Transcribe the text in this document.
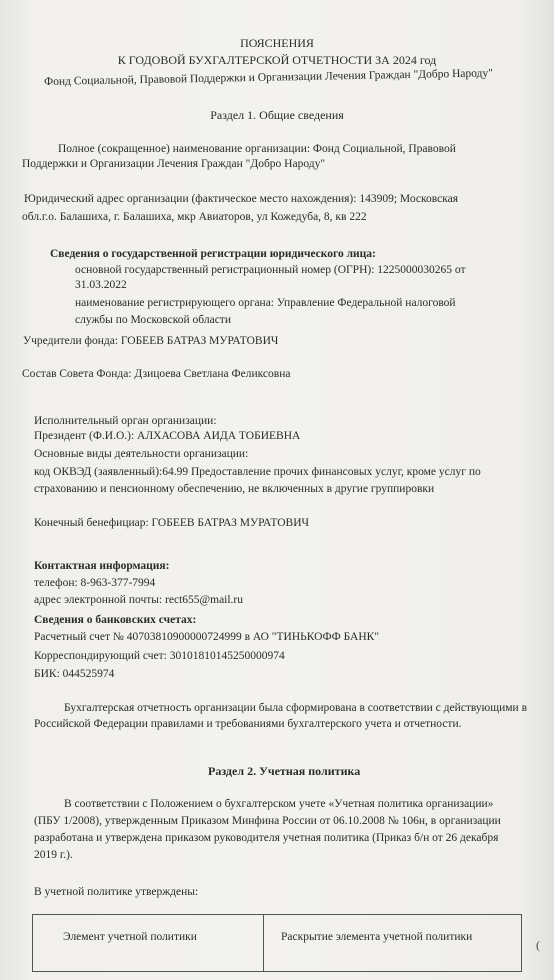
ПОЯСНЕНИЯ
К ГОДОВОЙ БУХГАЛТЕРСКОЙ ОТЧЕТНОСТИ ЗА 2024 год
Фонд Социальной, Правовой Поддержки и Организации Лечения Граждан "Добро Народу"
Раздел 1. Общие сведения
Полное (сокращенное) наименование организации: Фонд Социальной, Правовой
Поддержки и Организации Лечения Граждан "Добро Народу"
Юридический адрес организации (фактическое место нахождения): 143909; Московская
обл.г.о. Балашиха, г. Балашиха, мкр Авиаторов, ул Кожедуба, 8, кв 222
Сведения о государственной регистрации юридического лица:
основной государственный регистрационный номер (ОГРН): 1225000030265 от
31.03.2022
наименование регистрирующего органа: Управление Федеральной налоговой
службы по Московской области
Учредители фонда: ГОБЕЕВ БАТРАЗ МУРАТОВИЧ
Состав Совета Фонда: Дзицоева Светлана Феликсовна
Исполнительный орган организации:
Президент (Ф.И.О.): АЛХАСОВА АИДА ТОБИЕВНА
Основные виды деятельности организации:
код ОКВЭД (заявленный):64.99 Предоставление прочих финансовых услуг, кроме услуг по
страхованию и пенсионному обеспечению, не включенных в другие группировки
Конечный бенефициар: ГОБЕЕВ БАТРАЗ МУРАТОВИЧ
Контактная информация:
телефон: 8-963-377-7994
адрес электронной почты: rect655@mail.ru
Сведения о банковских счетах:
Расчетный счет № 40703810900000724999 в АО "ТИНЬКОФФ БАНК"
Корреспондирующий счет: 30101810145250000974
БИК: 044525974
Бухгалтерская отчетность организации была сформирована в соответствии с действующими в
Российской Федерации правилами и требованиями бухгалтерского учета и отчетности.
Раздел 2. Учетная политика
В соответствии с Положением о бухгалтерском учете «Учетная политика организации»
(ПБУ 1/2008), утвержденным Приказом Минфина России от 06.10.2008 № 106н, в организации
разработана и утверждена приказом руководителя учетная политика (Приказ б/н от 26 декабря
2019 г.).
В учетной политике утверждены:
Элемент учетной политики	Раскрытие элемента учетной политики
(
